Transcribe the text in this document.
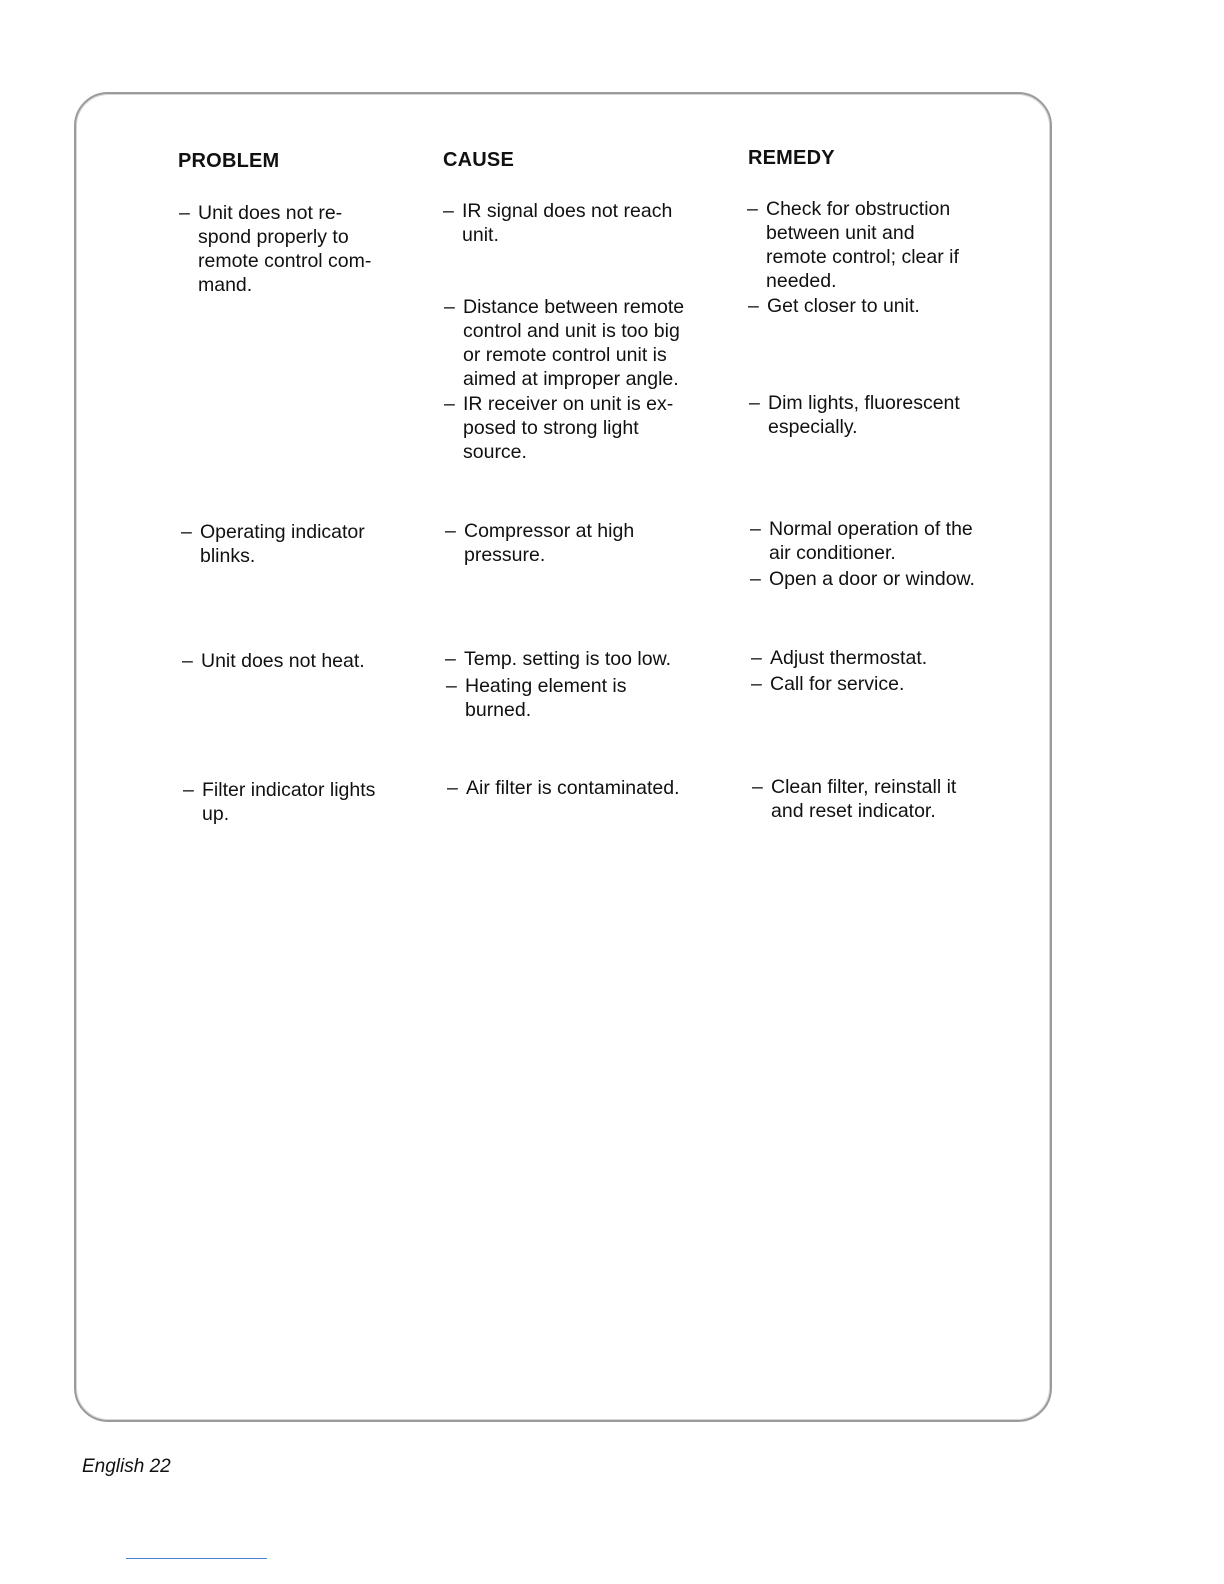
PROBLEM	CAUSE	REMEDY
– Unit does not re-
spond properly to
remote control com-
mand.
– Operating indicator
blinks.
– Unit does not heat.
– Filter indicator lights
up.
– IR signal does not reach
unit.
– Distance between remote
control and unit is too big
or remote control unit is
aimed at improper angle.
– IR receiver on unit is ex-
posed to strong light
source.
– Compressor at high
pressure.
– Temp. setting is too low.
– Heating element is
burned.
– Air filter is contaminated.
– Check for obstruction
between unit and
remote control; clear if
needed.
– Get closer to unit.
– Dim lights, fluorescent
especially.
– Normal operation of the
air conditioner.
– Open a door or window.
– Adjust thermostat.
– Call for service.
– Clean filter, reinstall it
and reset indicator.
English 22
